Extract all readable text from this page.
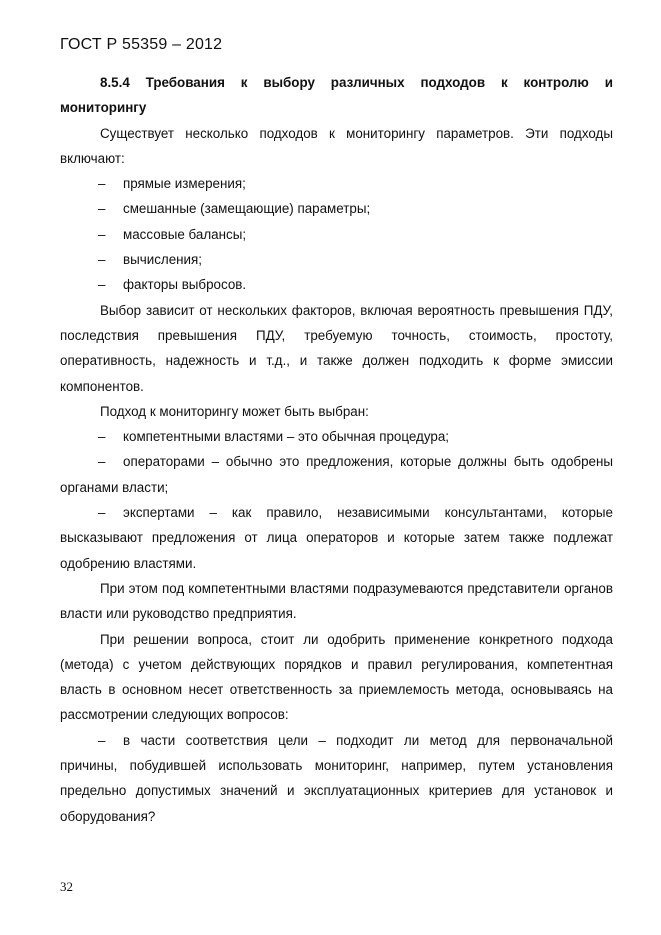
ГОСТ Р 55359 – 2012

8.5.4 Требования к выбору различных подходов к контролю и

мониторингу

Существует несколько подходов к мониторингу параметров. Эти подходы включают:

–	прямые измерения;
–	смешанные (замещающие) параметры;
–	массовые балансы;
–	вычисления;
–	факторы выбросов.

Выбор зависит от нескольких факторов, включая вероятность превышения ПДУ, последствия превышения ПДУ, требуемую точность, стоимость, простоту, оперативность, надежность и т.д., и также должен подходить к форме эмиссии компонентов.

Подход к мониторингу может быть выбран:

– компетентными властями – это обычная процедура;

– операторами – обычно это предложения, которые должны быть одобрены органами власти;

– экспертами – как правило, независимыми консультантами, которые высказывают предложения от лица операторов и которые затем также подлежат одобрению властями.

При этом под компетентными властями подразумеваются представители органов власти или руководство предприятия.

При решении вопроса, стоит ли одобрить применение конкретного подхода (метода) с учетом действующих порядков и правил регулирования, компетентная власть в основном несет ответственность за приемлемость метода, основываясь на рассмотрении следующих вопросов:

– в части соответствия цели – подходит ли метод для первоначальной причины, побудившей использовать мониторинг, например, путем установления предельно допустимых значений и эксплуатационных критериев для установок и оборудования?

32
